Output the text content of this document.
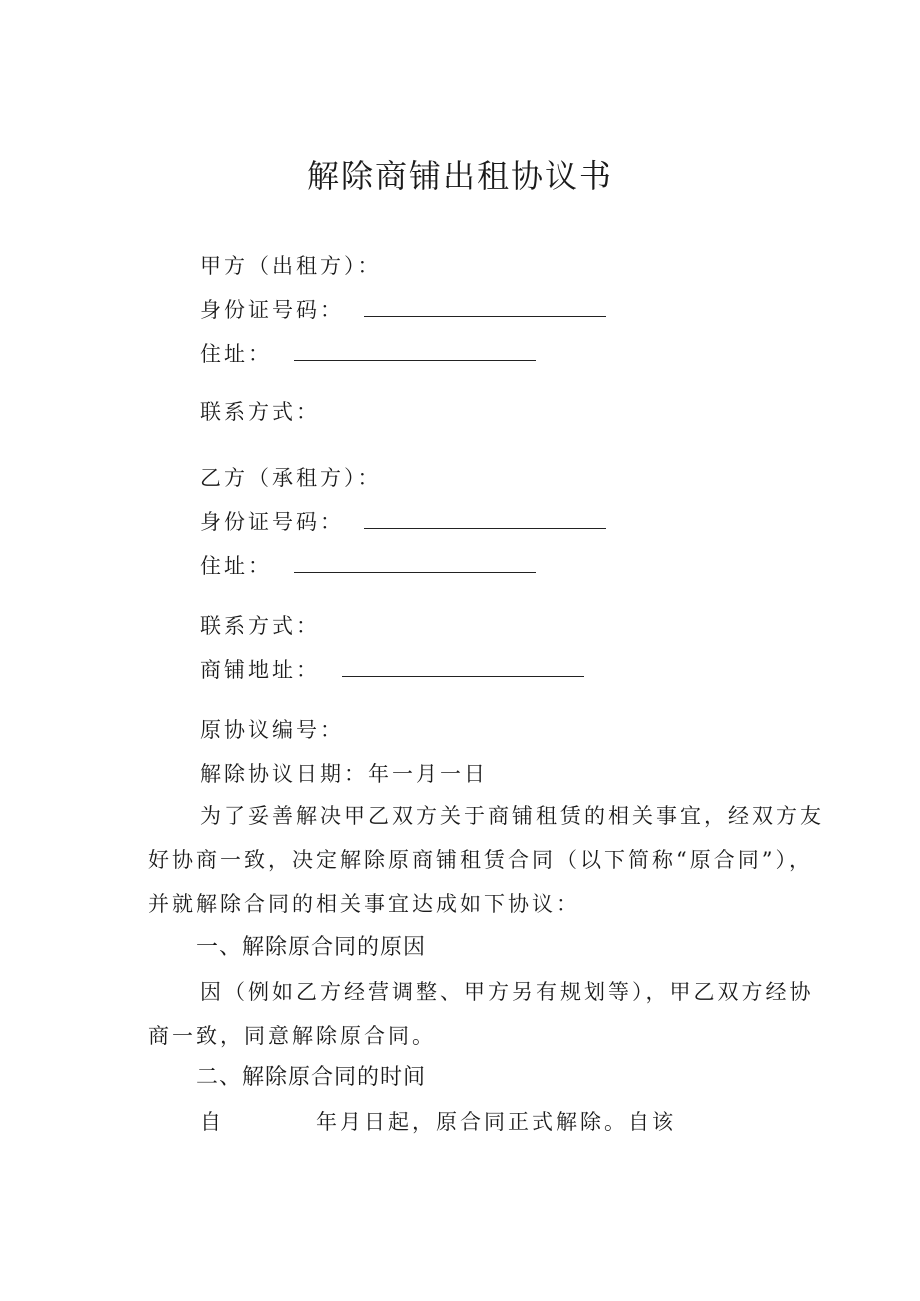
解除商铺出租协议书
甲方（出租方）：
身份证号码：
住址：
联系方式：
乙方（承租方）：
身份证号码：
住址：
联系方式：
商铺地址：
原协议编号：
解除协议日期：年一月一日
为了妥善解决甲乙双方关于商铺租赁的相关事宜，经双方友
好协商一致，决定解除原商铺租赁合同（以下简称“原合同”），
并就解除合同的相关事宜达成如下协议：
一、解除原合同的原因
因（例如乙方经营调整、甲方另有规划等），甲乙双方经协
商一致，同意解除原合同。
二、解除原合同的时间
自	年月日起，原合同正式解除。自该
